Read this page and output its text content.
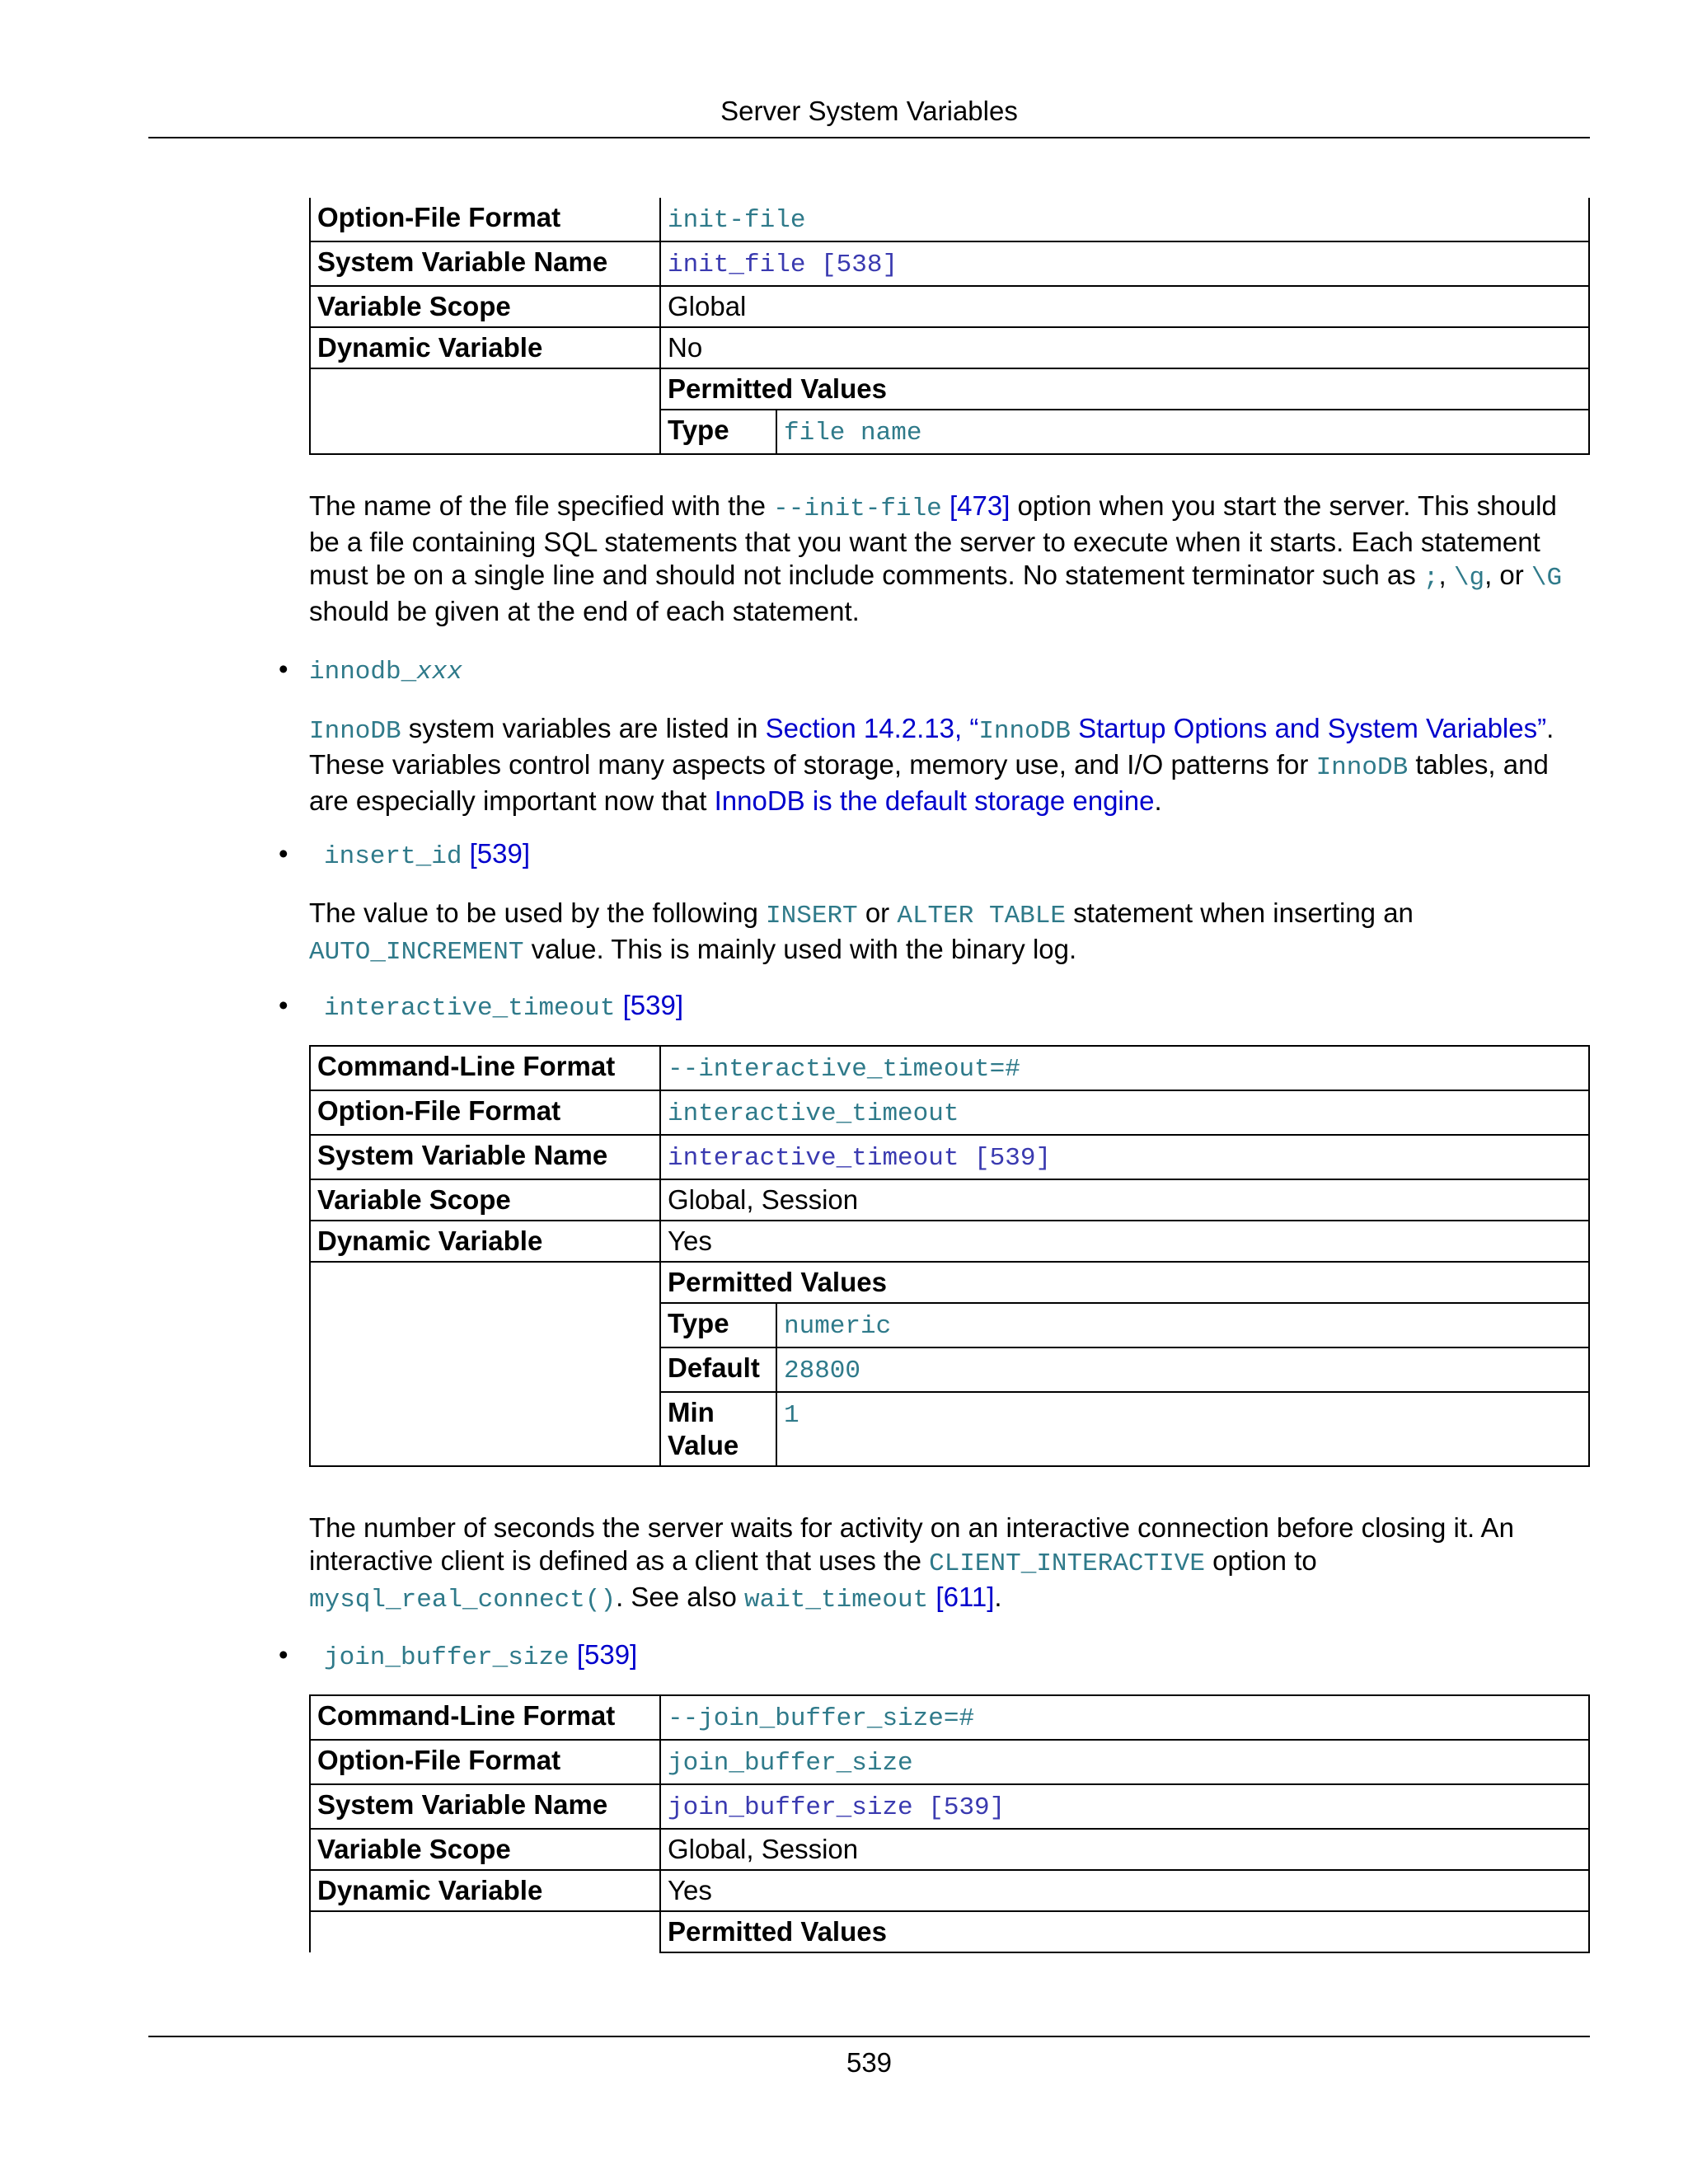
Server System Variables
Option-File Format	init-file
System Variable Name	init_file [538]
Variable Scope	Global
Dynamic Variable	No
	Permitted Values

Type	file name
The name of the file specified with the --init-file [473] option when you start the server. This should be a file containing SQL statements that you want the server to execute when it starts. Each statement must be on a single line and should not include comments. No statement terminator such as ;, \g, or \G should be given at the end of each statement.
• innodb_xxx
InnoDB system variables are listed in Section 14.2.13, “InnoDB Startup Options and System Variables”. These variables control many aspects of storage, memory use, and I/O patterns for InnoDB tables, and are especially important now that InnoDB is the default storage engine.
• insert_id [539]
The value to be used by the following INSERT or ALTER TABLE statement when inserting an AUTO_INCREMENT value. This is mainly used with the binary log.
• interactive_timeout [539]
Command-Line Format	--interactive_timeout=#
Option-File Format	interactive_timeout
System Variable Name	interactive_timeout [539]
Variable Scope	Global, Session
Dynamic Variable	Yes
	Permitted Values

Type	numeric
Default	28800
Min Value	1
The number of seconds the server waits for activity on an interactive connection before closing it. An interactive client is defined as a client that uses the CLIENT_INTERACTIVE option to mysql_real_connect(). See also wait_timeout [611].
• join_buffer_size [539]
Command-Line Format	--join_buffer_size=#
Option-File Format	join_buffer_size
System Variable Name	join_buffer_size [539]
Variable Scope	Global, Session
Dynamic Variable	Yes
	Permitted Values
539
